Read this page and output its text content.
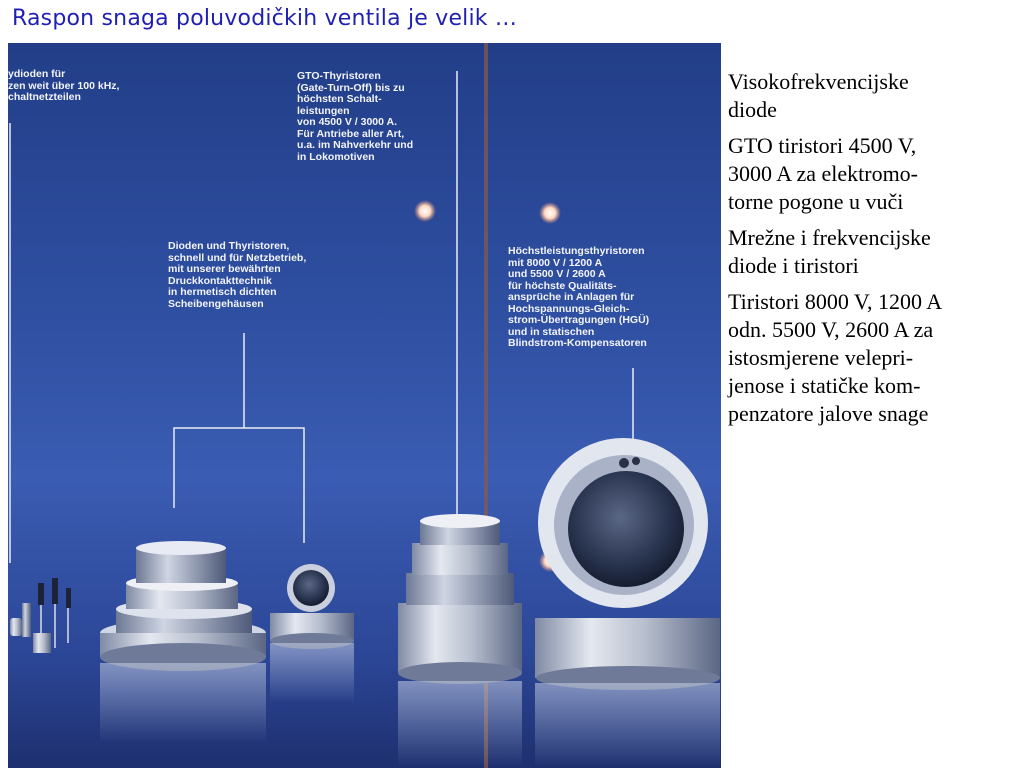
Raspon snaga poluvodičkih ventila je velik …

ydioden für
zen weit über 100 kHz,
chaltnetzteilen

GTO-Thyristoren
(Gate-Turn-Off) bis zu
höchsten Schalt-
leistungen
von 4500 V / 3000 A.
Für Antriebe aller Art,
u.a. im Nahverkehr und
in Lokomotiven

Dioden und Thyristoren,
schnell und für Netzbetrieb,
mit unserer bewährten
Druckkontakttechnik
in hermetisch dichten
Scheibengehäusen

Höchstleistungsthyristoren
mit 8000 V / 1200 A
und 5500 V / 2600 A
für höchste Qualitäts-
ansprüche in Anlagen für
Hochspannungs-Gleich-
strom-Übertragungen (HGÜ)
und in statischen
Blindstrom-Kompensatoren

Visokofrekvencijske
diode

GTO tiristori 4500 V,
3000 A za elektromo-
torne pogone u vuči

Mrežne i frekvencijske
diode i tiristori

Tiristori 8000 V, 1200 A
odn. 5500 V, 2600 A za
istosmjerene velepri-
jenose i statičke kom-
penzatore jalove snage
